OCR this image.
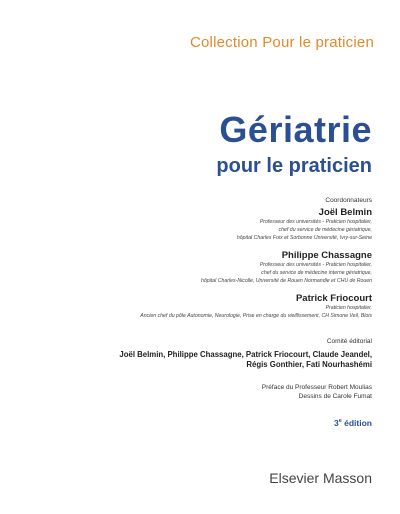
Collection Pour le praticien
Gériatrie
pour le praticien
Coordonnateurs
Joël Belmin
Professeur des universités - Praticien hospitalier,
chef du service de médecine gériatrique,
hôpital Charles Foix et Sorbonne Université, Ivry-sur-Seine
Philippe Chassagne
Professeur des universités - Praticien hospitalier,
chef du service de médecine interne gériatrique,
hôpital Charles-Nicolle, Université de Rouen Normandie et CHU de Rouen
Patrick Friocourt
Praticien hospitalier,
Ancien chef du pôle Autonomie, Neurologie, Prise en charge du vieillissement, CH Simone Veil, Blois
Comité éditorial
Joël Belmin, Philippe Chassagne, Patrick Friocourt, Claude Jeandel,
Régis Gonthier, Fati Nourhashémi
Préface du Professeur Robert Moulias
Dessins de Carole Fumat
3e édition
Elsevier Masson
